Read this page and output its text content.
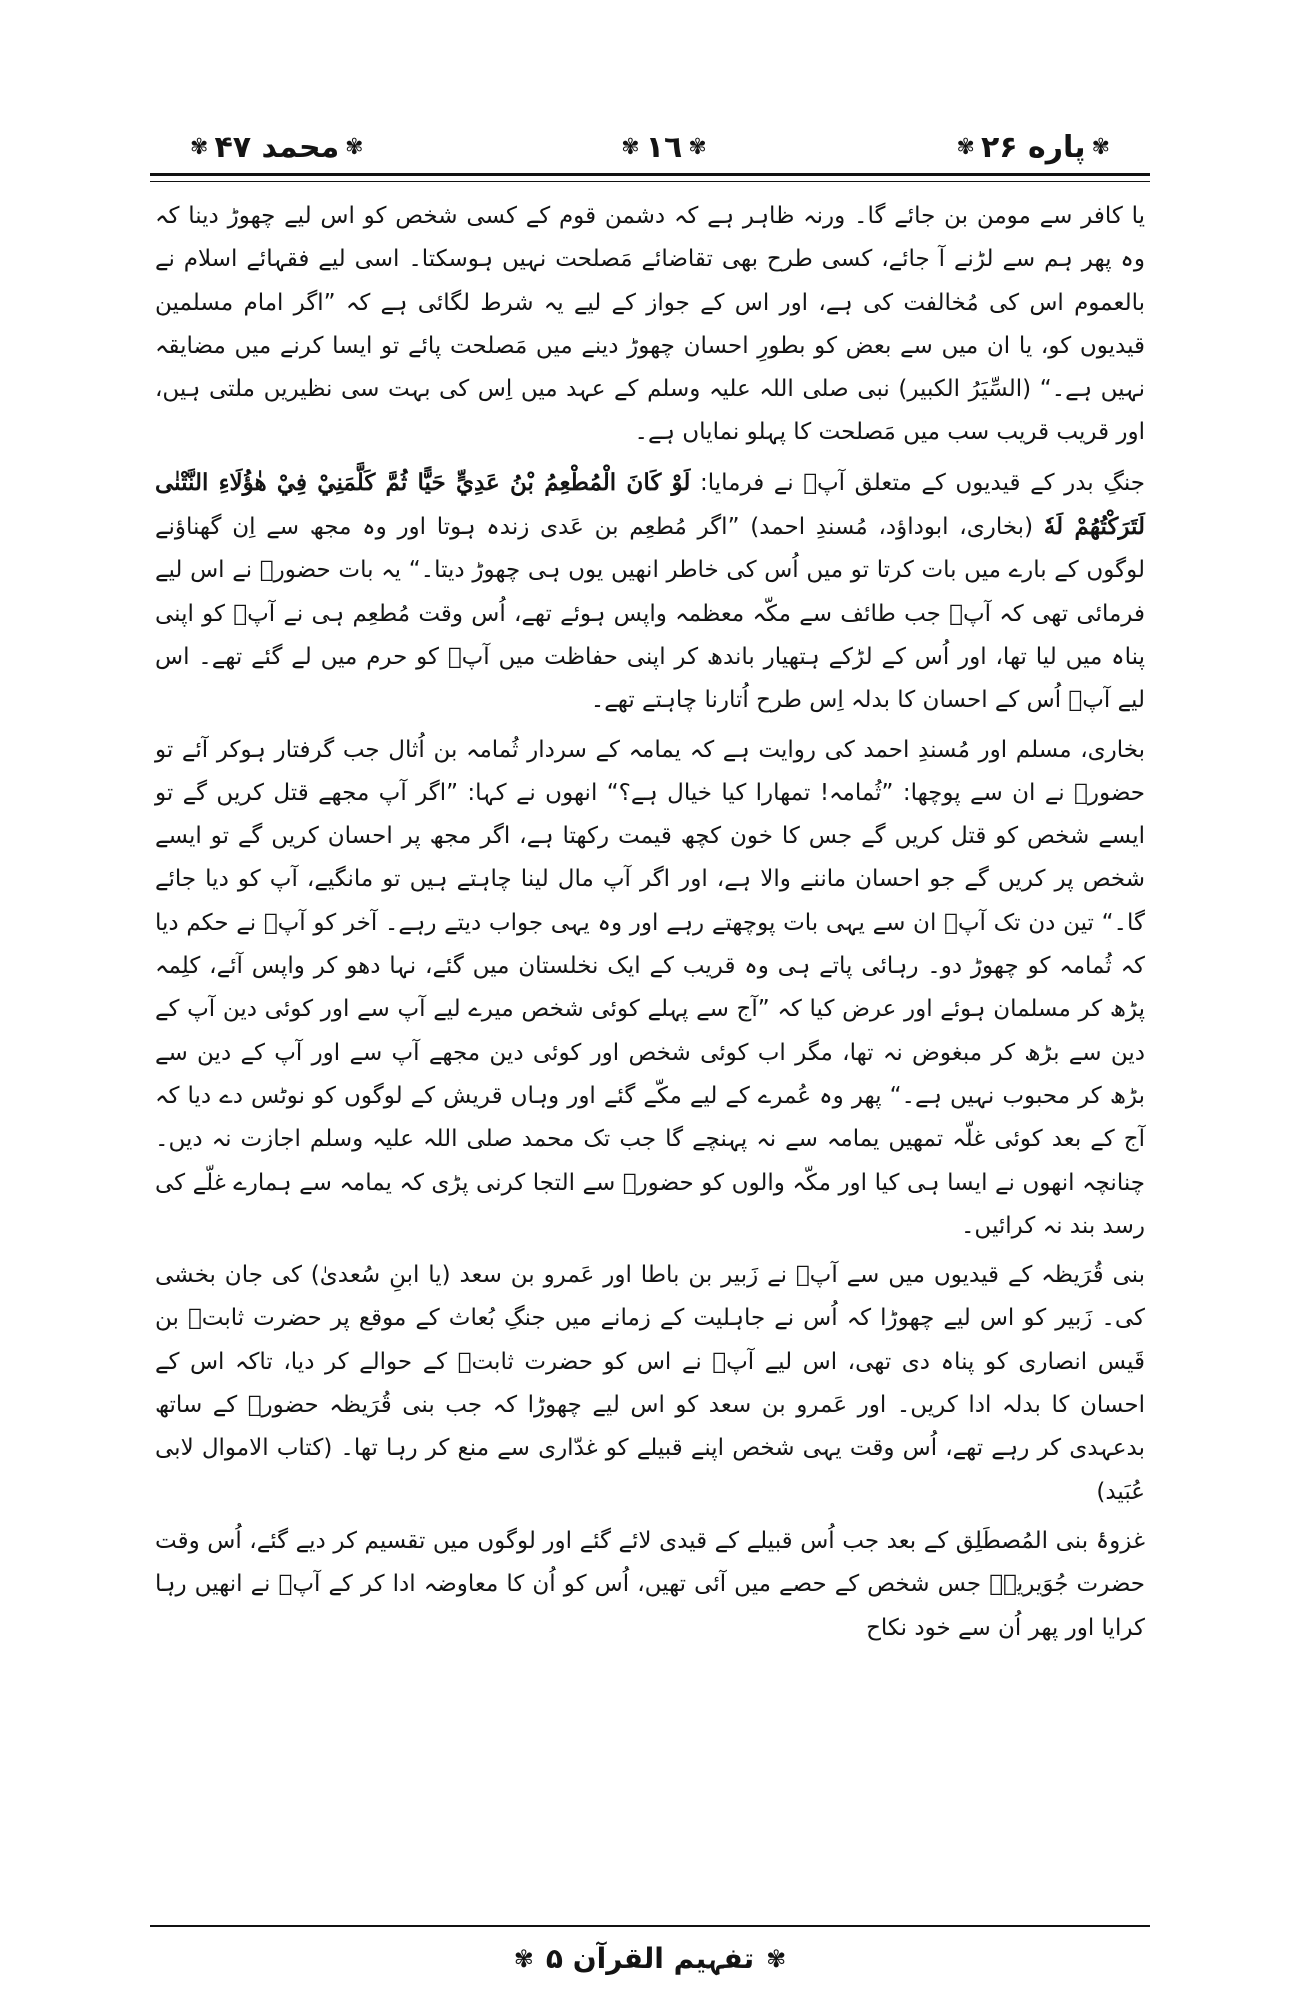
✾
پاره ۲۶
✾
✾
۱٦
✾
✾
محمد ۴۷
✾

یا کافر سے مومن بن جائے گا۔ ورنہ ظاہر ہے کہ دشمن قوم کے کسی شخص کو اس لیے چھوڑ دینا کہ وہ پھر ہم سے لڑنے آ جائے، کسی طرح بھی تقاضائے مَصلحت نہیں ہوسکتا۔ اسی لیے فقہائے اسلام نے بالعموم اس کی مُخالفت کی ہے، اور اس کے جواز کے لیے یہ شرط لگائی ہے کہ ”اگر امام مسلمین قیدیوں کو، یا ان میں سے بعض کو بطورِ احسان چھوڑ دینے میں مَصلحت پائے تو ایسا کرنے میں مضایقہ نہیں ہے۔“ (السِّیَرُ الکبیر) نبی صلی اللہ علیہ وسلم کے عہد میں اِس کی بہت سی نظیریں ملتی ہیں، اور قریب قریب سب میں مَصلحت کا پہلو نمایاں ہے۔

جنگِ بدر کے قیدیوں کے متعلق آپؐ نے فرمایا: لَوْ كَانَ الْمُطْعِمُ بْنُ عَدِيٍّ حَيًّا ثُمَّ كَلَّمَنِيْ فِيْ هٰؤُلَاءِ النَّتْنٰى لَتَرَكْتُهُمْ لَهٗ (بخاری، ابوداؤد، مُسندِ احمد) ”اگر مُطعِم بن عَدی زندہ ہوتا اور وہ مجھ سے اِن گھناؤنے لوگوں کے بارے میں بات کرتا تو میں اُس کی خاطر انھیں یوں ہی چھوڑ دیتا۔“ یہ بات حضورؐ نے اس لیے فرمائی تھی کہ آپؐ جب طائف سے مکّہ معظمہ واپس ہوئے تھے، اُس وقت مُطعِم ہی نے آپؐ کو اپنی پناہ میں لیا تھا، اور اُس کے لڑکے ہتھیار باندھ کر اپنی حفاظت میں آپؐ کو حرم میں لے گئے تھے۔ اس لیے آپؐ اُس کے احسان کا بدلہ اِس طرح اُتارنا چاہتے تھے۔

بخاری، مسلم اور مُسندِ احمد کی روایت ہے کہ یمامہ کے سردار ثُمامہ بن اُثال جب گرفتار ہوکر آئے تو حضورؐ نے ان سے پوچھا: ”ثُمامہ! تمھارا کیا خیال ہے؟“ انھوں نے کہا: ”اگر آپ مجھے قتل کریں گے تو ایسے شخص کو قتل کریں گے جس کا خون کچھ قیمت رکھتا ہے، اگر مجھ پر احسان کریں گے تو ایسے شخص پر کریں گے جو احسان ماننے والا ہے، اور اگر آپ مال لینا چاہتے ہیں تو مانگیے، آپ کو دیا جائے گا۔“ تین دن تک آپؐ ان سے یہی بات پوچھتے رہے اور وہ یہی جواب دیتے رہے۔ آخر کو آپؐ نے حکم دیا کہ ثُمامہ کو چھوڑ دو۔ رہائی پاتے ہی وہ قریب کے ایک نخلستان میں گئے، نہا دھو کر واپس آئے، کلِمہ پڑھ کر مسلمان ہوئے اور عرض کیا کہ ”آج سے پہلے کوئی شخص میرے لیے آپ سے اور کوئی دین آپ کے دین سے بڑھ کر مبغوض نہ تھا، مگر اب کوئی شخص اور کوئی دین مجھے آپ سے اور آپ کے دین سے بڑھ کر محبوب نہیں ہے۔“ پھر وہ عُمرے کے لیے مکّے گئے اور وہاں قریش کے لوگوں کو نوٹس دے دیا کہ آج کے بعد کوئی غلّہ تمھیں یمامہ سے نہ پہنچے گا جب تک محمد صلی اللہ علیہ وسلم اجازت نہ دیں۔ چنانچہ انھوں نے ایسا ہی کیا اور مکّہ والوں کو حضورؐ سے التجا کرنی پڑی کہ یمامہ سے ہمارے غلّے کی رسد بند نہ کرائیں۔

بنی قُرَیظہ کے قیدیوں میں سے آپؐ نے زَبیر بن باطا اور عَمرو بن سعد (یا ابنِ سُعدیٰ) کی جان بخشی کی۔ زَبیر کو اس لیے چھوڑا کہ اُس نے جاہلیت کے زمانے میں جنگِ بُعاث کے موقع پر حضرت ثابتؓ بن قَیس انصاری کو پناہ دی تھی، اس لیے آپؐ نے اس کو حضرت ثابتؓ کے حوالے کر دیا، تاکہ اس کے احسان کا بدلہ ادا کریں۔ اور عَمرو بن سعد کو اس لیے چھوڑا کہ جب بنی قُرَیظہ حضورؐ کے ساتھ بدعہدی کر رہے تھے، اُس وقت یہی شخص اپنے قبیلے کو غدّاری سے منع کر رہا تھا۔ (کتاب الاموال لابی عُبَید)

غزوۂ بنی المُصطَلِق کے بعد جب اُس قبیلے کے قیدی لائے گئے اور لوگوں میں تقسیم کر دیے گئے، اُس وقت حضرت جُوَیریہؓ جس شخص کے حصے میں آئی تھیں، اُس کو اُن کا معاوضہ ادا کر کے آپؐ نے انھیں رہا کرایا اور پھر اُن سے خود نکاح

✾
تفہیم القرآن ۵
✾
